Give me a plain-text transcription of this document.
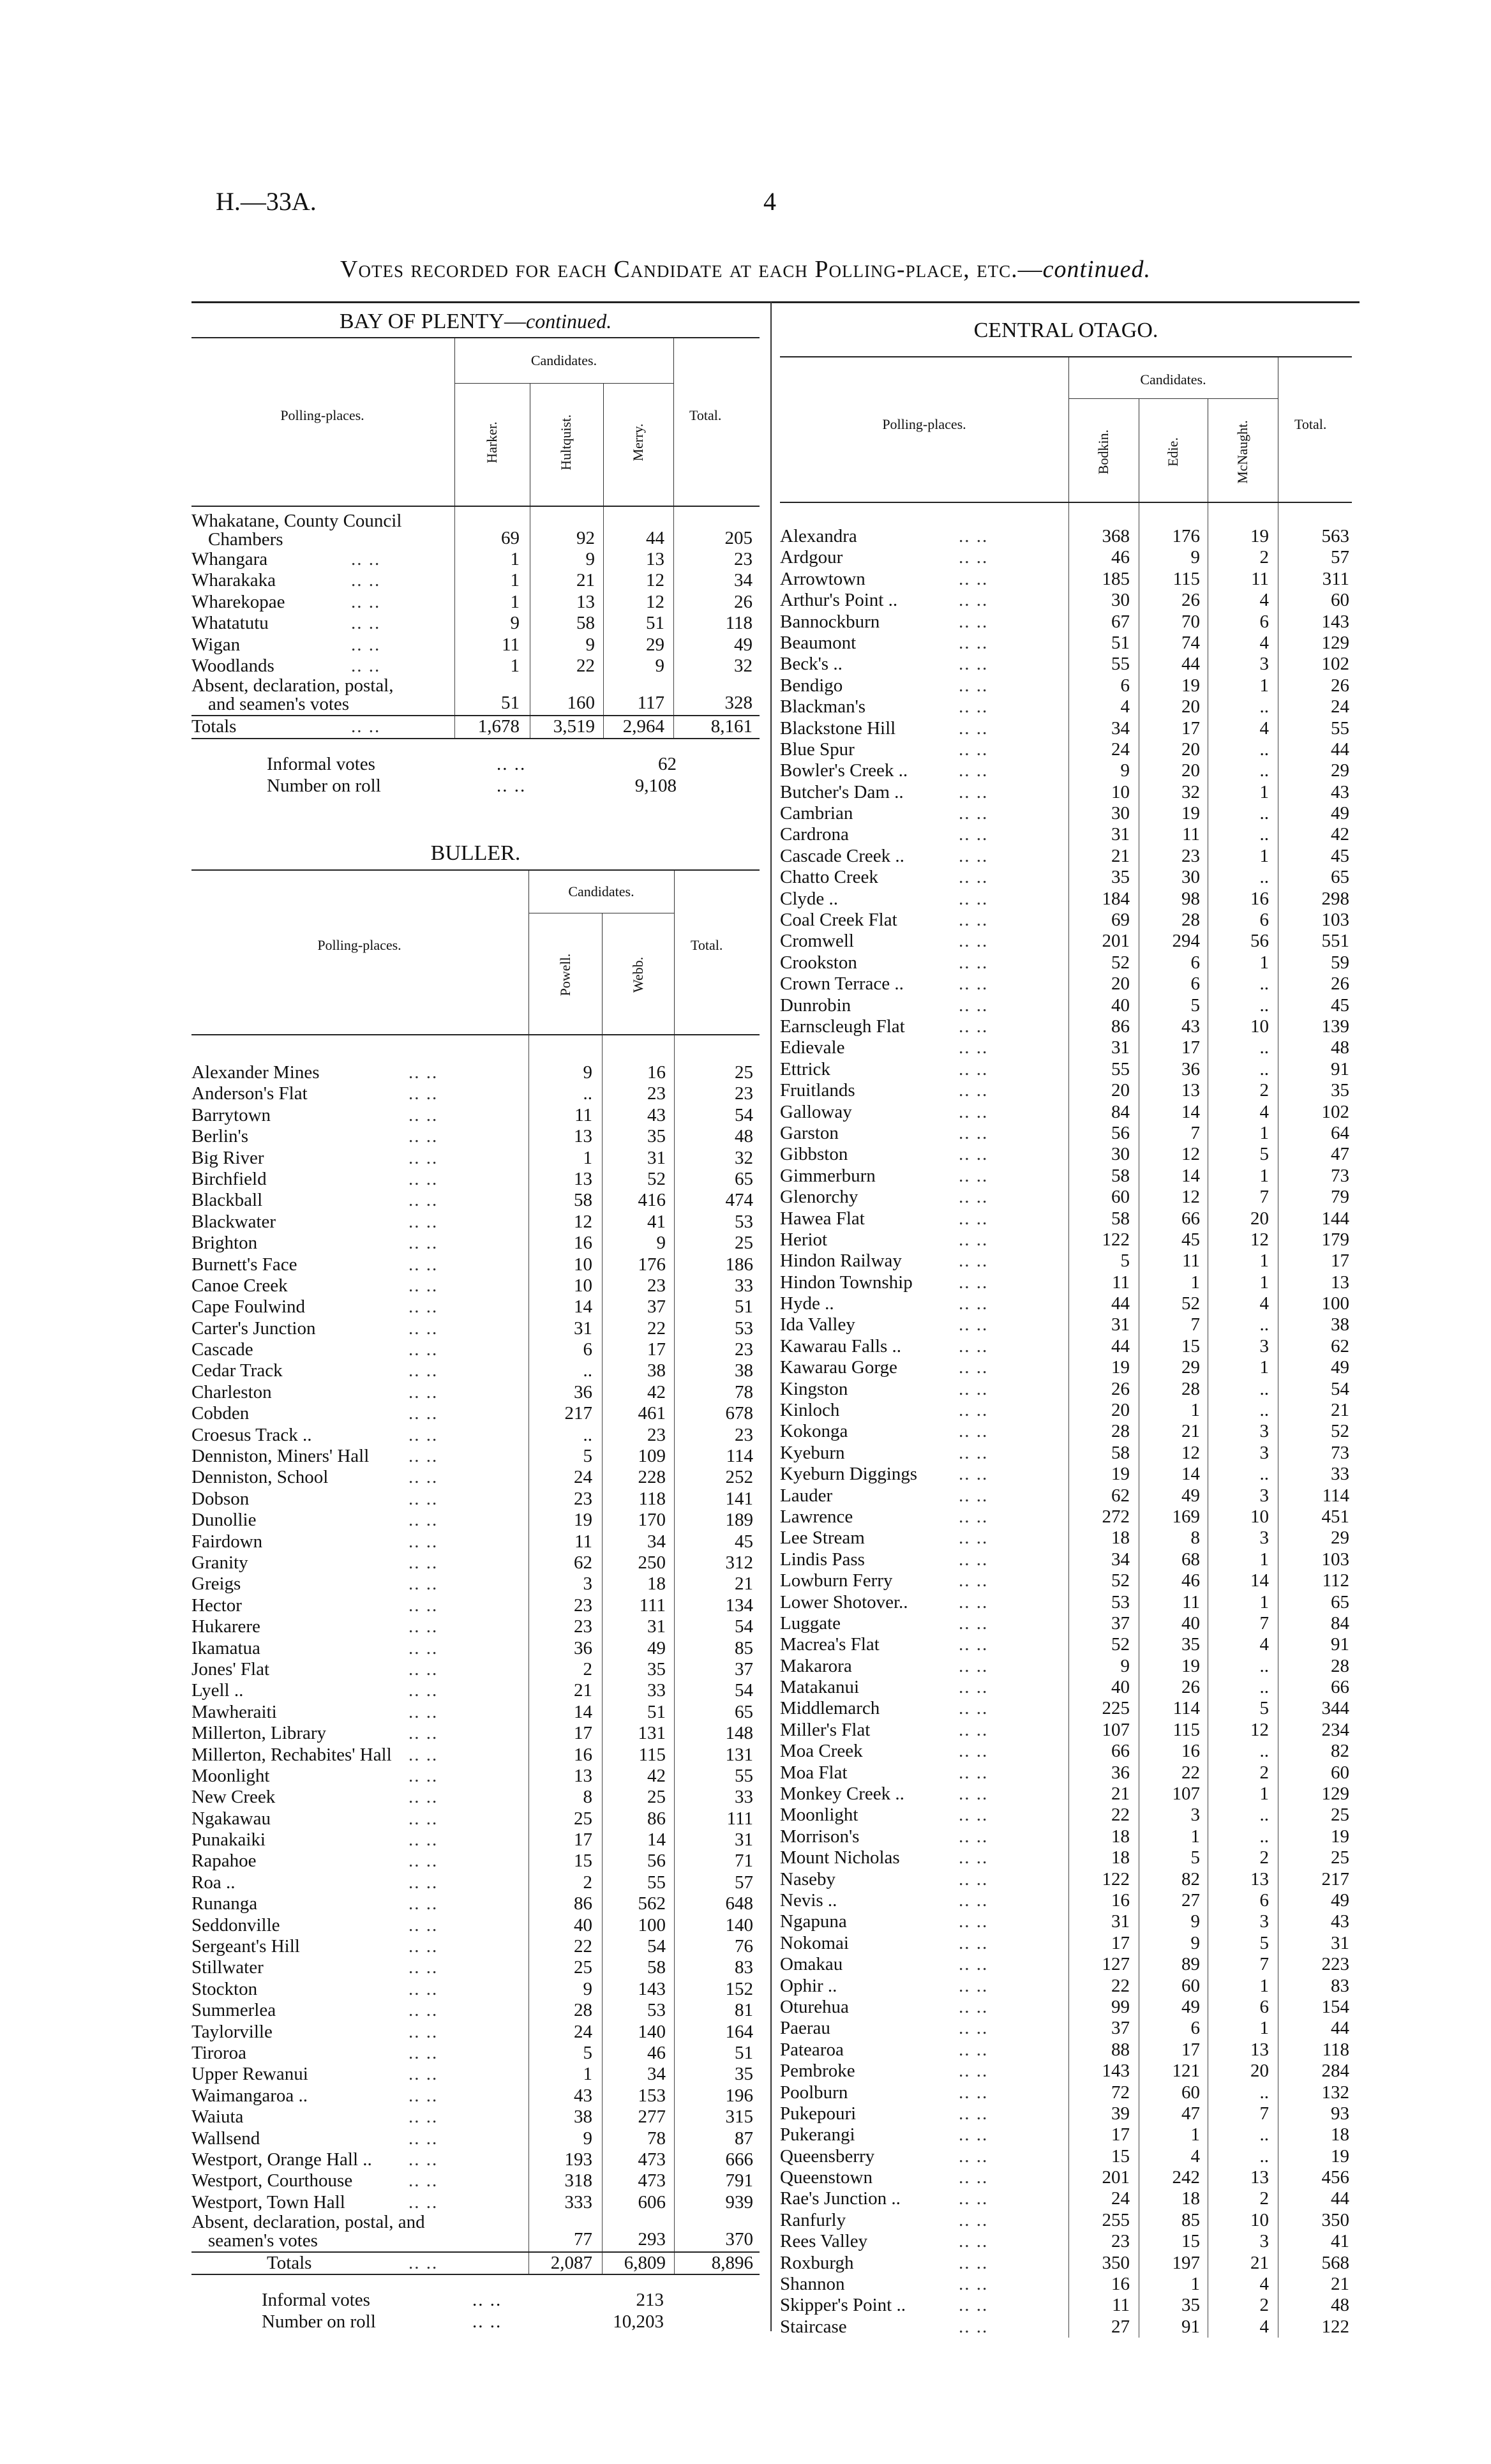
H.—33A.	4
Votes recorded for each Candidate at each Polling-place, etc.—continued.
BAY OF PLENTY—continued.
Polling-places.
Candidates.
Harker.	Hultquist.	Merry.
Total.
Whakatane, County Council
Chambers	69	92	44	205
Whangara	.. ..	1	9	13	23
Wharakaka	.. ..	1	21	12	34
Wharekopae	.. ..	1	13	12	26
Whatatutu	.. ..	9	58	51	118
Wigan	.. ..	11	9	29	49
Woodlands	.. ..	1	22	9	32
Absent, declaration, postal,
and seamen's votes	51	160	117	328
Totals	.. ..	1,678	3,519	2,964	8,161
Informal votes	.. ..	62
Number on roll	.. ..	9,108
BULLER.
Polling-places.
Candidates.
Powell.	Webb.
Total.
Alexander Mines	.. ..	9	16	25
Anderson's Flat	.. ..	..	23	23
Barrytown	.. ..	11	43	54
Berlin's	.. ..	13	35	48
Big River	.. ..	1	31	32
Birchfield	.. ..	13	52	65
Blackball	.. ..	58	416	474
Blackwater	.. ..	12	41	53
Brighton	.. ..	16	9	25
Burnett's Face	.. ..	10	176	186
Canoe Creek	.. ..	10	23	33
Cape Foulwind	.. ..	14	37	51
Carter's Junction	.. ..	31	22	53
Cascade	.. ..	6	17	23
Cedar Track	.. ..	..	38	38
Charleston	.. ..	36	42	78
Cobden	.. ..	217	461	678
Croesus Track ..	.. ..	..	23	23
Denniston, Miners' Hall .. ..	5	109	114
Denniston, School	.. ..	24	228	252
Dobson	.. ..	23	118	141
Dunollie	.. ..	19	170	189
Fairdown	.. ..	11	34	45
Granity	.. ..	62	250	312
Greigs	.. ..	3	18	21
Hector	.. ..	23	111	134
Hukarere	.. ..	23	31	54
Ikamatua	.. ..	36	49	85
Jones' Flat	.. ..	2	35	37
Lyell ..	.. ..	21	33	54
Mawheraiti	.. ..	14	51	65
Millerton, Library	.. ..	17	131	148
Millerton, Rechabites' Hall .. ..	16	115	131
Moonlight	.. ..	13	42	55
New Creek	.. ..	8	25	33
Ngakawau	.. ..	25	86	111
Punakaiki	.. ..	17	14	31
Rapahoe	.. ..	15	56	71
Roa ..	.. ..	2	55	57
Runanga	.. ..	86	562	648
Seddonville	.. ..	40	100	140
Sergeant's Hill	.. ..	22	54	76
Stillwater	.. ..	25	58	83
Stockton	.. ..	9	143	152
Summerlea	.. ..	28	53	81
Taylorville	.. ..	24	140	164
Tiroroa	.. ..	5	46	51
Upper Rewanui	.. ..	1	34	35
Waimangaroa ..	.. ..	43	153	196
Waiuta	.. ..	38	277	315
Wallsend	.. ..	9	78	87
Westport, Orange Hall .. .. ..	193	473	666
Westport, Courthouse	.. ..	318	473	791
Westport, Town Hall	.. ..	333	606	939
Absent, declaration, postal, and
seamen's votes	77	293	370
Totals	.. ..	2,087	6,809	8,896
Informal votes	.. ..	213
Number on roll	.. ..	10,203
CENTRAL OTAGO.
Polling-places.
Candidates.
Bodkin.	Edie.	McNaught.	Total.
Alexandra	.. ..	368	176	19	563
Ardgour	.. ..	46	9	2	57
Arrowtown	.. ..	185	115	11	311
Arthur's Point ..	.. ..	30	26	4	60
Bannockburn	.. ..	67	70	6	143
Beaumont	.. ..	51	74	4	129
Beck's ..	.. ..	55	44	3	102
Bendigo	.. ..	6	19	1	26
Blackman's	.. ..	4	20	..	24
Blackstone Hill	.. ..	34	17	4	55
Blue Spur	.. ..	24	20	..	44
Bowler's Creek ..	.. ..	9	20	..	29
Butcher's Dam ..	.. ..	10	32	1	43
Cambrian	.. ..	30	19	..	49
Cardrona	.. ..	31	11	..	42
Cascade Creek ..	.. ..	21	23	1	45
Chatto Creek	.. ..	35	30	..	65
Clyde ..	.. ..	184	98	16	298
Coal Creek Flat	.. ..	69	28	6	103
Cromwell	.. ..	201	294	56	551
Crookston	.. ..	52	6	1	59
Crown Terrace ..	.. ..	20	6	..	26
Dunrobin	.. ..	40	5	..	45
Earnscleugh Flat	.. ..	86	43	10	139
Edievale	.. ..	31	17	..	48
Ettrick	.. ..	55	36	..	91
Fruitlands	.. ..	20	13	2	35
Galloway	.. ..	84	14	4	102
Garston	.. ..	56	7	1	64
Gibbston	.. ..	30	12	5	47
Gimmerburn	.. ..	58	14	1	73
Glenorchy	.. ..	60	12	7	79
Hawea Flat	.. ..	58	66	20	144
Heriot	.. ..	122	45	12	179
Hindon Railway	.. ..	5	11	1	17
Hindon Township .. ..	11	1	1	13
Hyde ..	.. ..	44	52	4	100
Ida Valley	.. ..	31	7	..	38
Kawarau Falls ..	.. ..	44	15	3	62
Kawarau Gorge	.. ..	19	29	1	49
Kingston	.. ..	26	28	..	54
Kinloch	.. ..	20	1	..	21
Kokonga	.. ..	28	21	3	52
Kyeburn	.. ..	58	12	3	73
Kyeburn Diggings .. ..	19	14	..	33
Lauder	.. ..	62	49	3	114
Lawrence	.. ..	272	169	10	451
Lee Stream	.. ..	18	8	3	29
Lindis Pass	.. ..	34	68	1	103
Lowburn Ferry	.. ..	52	46	14	112
Lower Shotover..	.. ..	53	11	1	65
Luggate	.. ..	37	40	7	84
Macrea's Flat	.. ..	52	35	4	91
Makarora	.. ..	9	19	..	28
Matakanui	.. ..	40	26	..	66
Middlemarch	.. ..	225	114	5	344
Miller's Flat	.. ..	107	115	12	234
Moa Creek	.. ..	66	16	..	82
Moa Flat	.. ..	36	22	2	60
Monkey Creek ..	.. ..	21	107	1	129
Moonlight	.. ..	22	3	..	25
Morrison's	.. ..	18	1	..	19
Mount Nicholas	.. ..	18	5	2	25
Naseby	.. ..	122	82	13	217
Nevis ..	.. ..	16	27	6	49
Ngapuna	.. ..	31	9	3	43
Nokomai	.. ..	17	9	5	31
Omakau	.. ..	127	89	7	223
Ophir ..	.. ..	22	60	1	83
Oturehua	.. ..	99	49	6	154
Paerau	.. ..	37	6	1	44
Patearoa	.. ..	88	17	13	118
Pembroke	.. ..	143	121	20	284
Poolburn	.. ..	72	60	..	132
Pukepouri	.. ..	39	47	7	93
Pukerangi	.. ..	17	1	..	18
Queensberry	.. ..	15	4	..	19
Queenstown	.. ..	201	242	13	456
Rae's Junction ..	.. ..	24	18	2	44
Ranfurly	.. ..	255	85	10	350
Rees Valley	.. ..	23	15	3	41
Roxburgh	.. ..	350	197	21	568
Shannon	.. ..	16	1	4	21
Skipper's Point ..	.. ..	11	35	2	48
Staircase	.. ..	27	91	4	122
